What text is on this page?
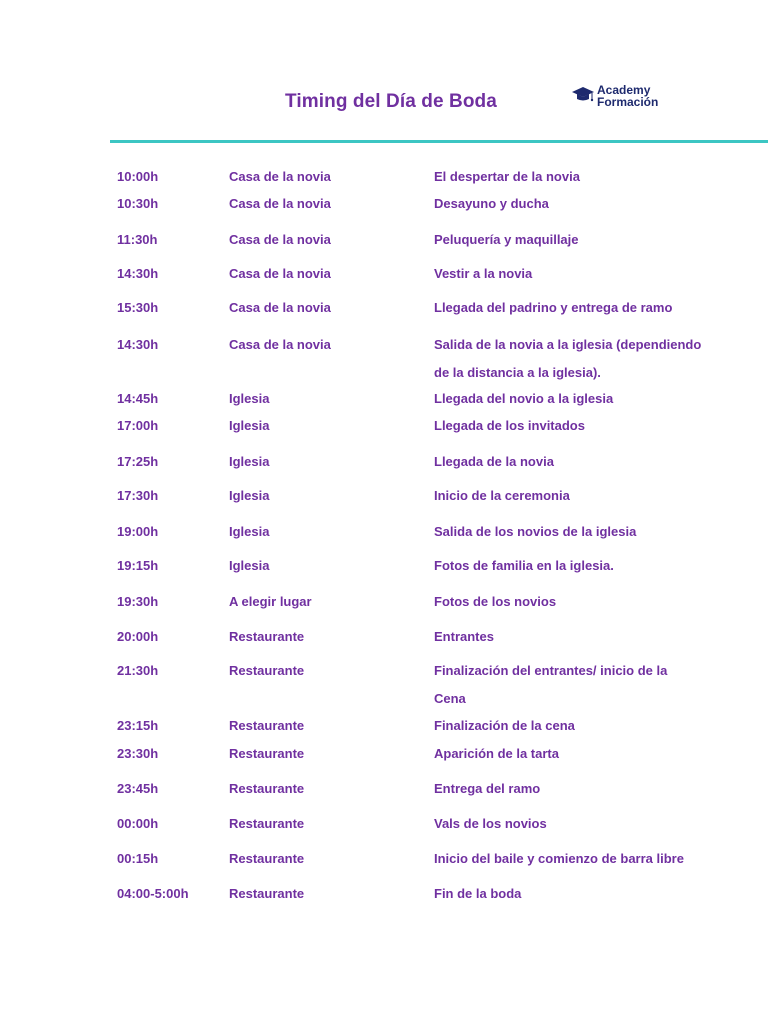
Timing del Día de Boda
Academy
Formación
10:00h	Casa de la novia	El despertar de la novia
10:30h	Casa de la novia	Desayuno y ducha
11:30h	Casa de la novia	Peluquería y maquillaje
14:30h	Casa de la novia	Vestir a la novia
15:30h	Casa de la novia	Llegada del padrino y entrega de ramo
14:30h	Casa de la novia	Salida de la novia a la iglesia (dependiendo
de la distancia a la iglesia).
14:45h	Iglesia	Llegada del novio a la iglesia
17:00h	Iglesia	Llegada de los invitados
17:25h	Iglesia	Llegada de la novia
17:30h	Iglesia	Inicio de la ceremonia
19:00h	Iglesia	Salida de los novios de la iglesia
19:15h	Iglesia	Fotos de familia en la iglesia.
19:30h	A elegir lugar	Fotos de los novios
20:00h	Restaurante	Entrantes
21:30h	Restaurante	Finalización del entrantes/ inicio de la
Cena
23:15h	Restaurante	Finalización de la cena
23:30h	Restaurante	Aparición de la tarta
23:45h	Restaurante	Entrega del ramo
00:00h	Restaurante	Vals de los novios
00:15h	Restaurante	Inicio del baile y comienzo de barra libre
04:00-5:00h	Restaurante	Fin de la boda
